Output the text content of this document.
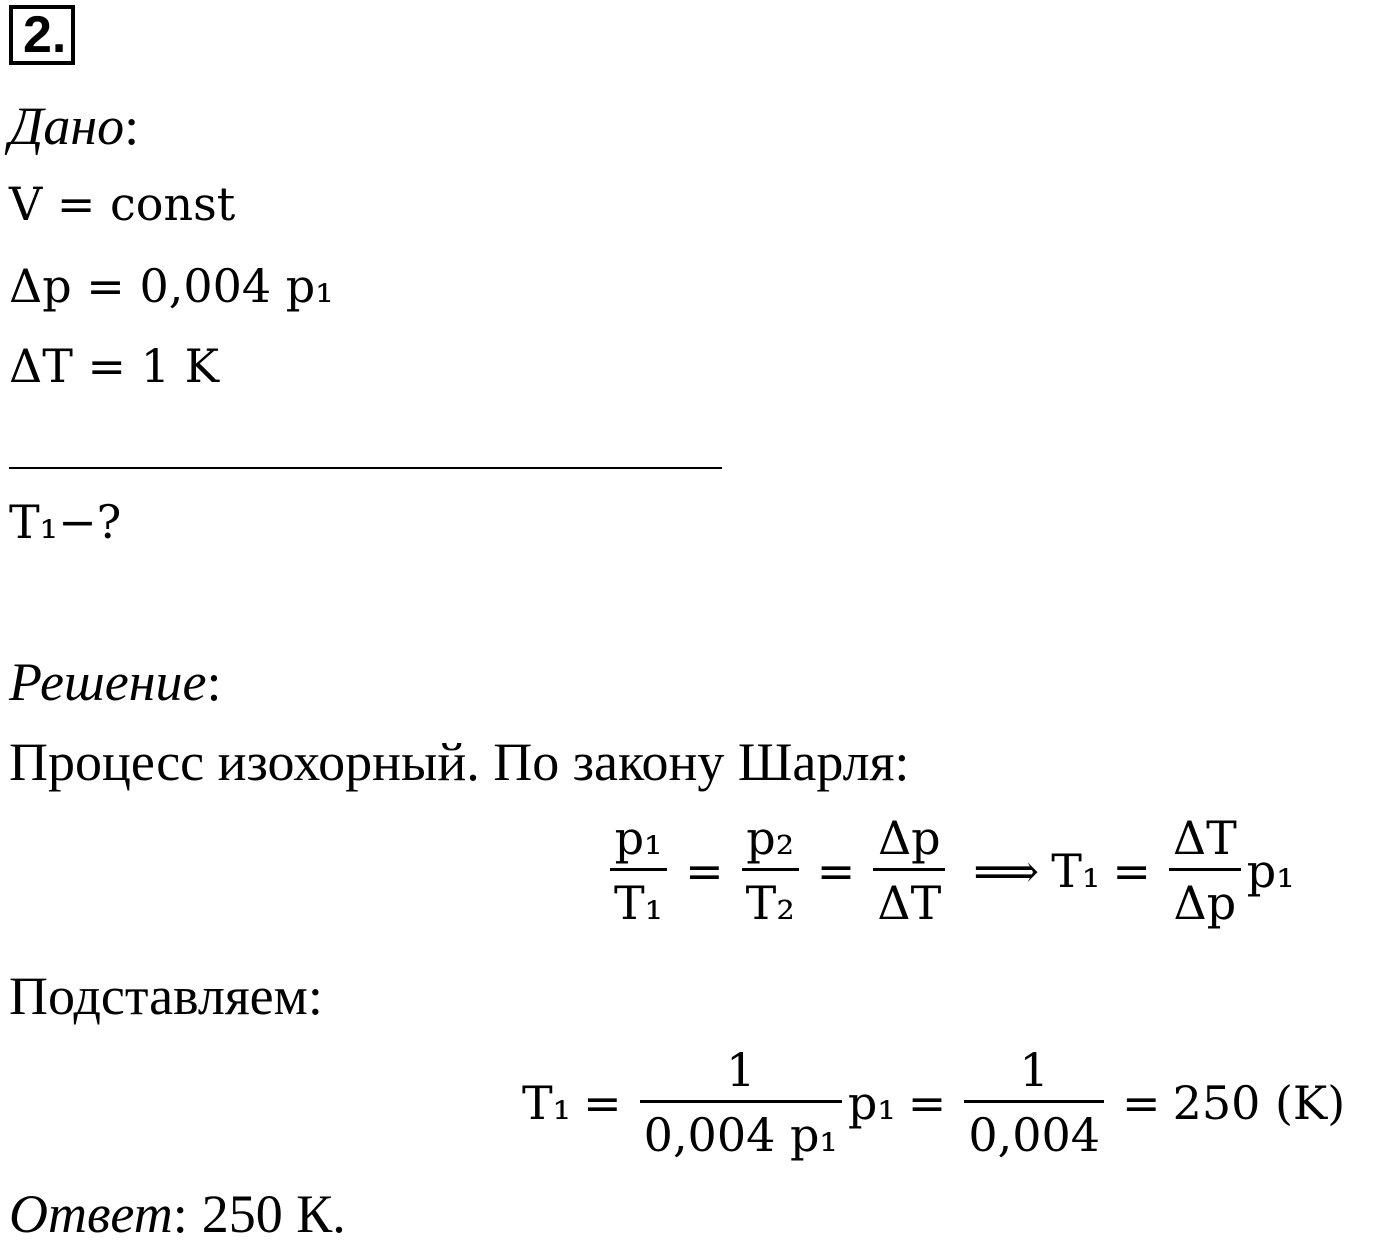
2.
Дано:
V = const
Δp = 0,004 p₁
ΔT = 1 K
T₁−?
Решение:
Процесс изохорный. По закону Шарля:
$\frac{\text{p₁}}{\text{T₁}} = \frac{\text{p₂}}{\text{T₂}} = \frac{\Delta p}{\Delta T}$ ⟹ $T_1 = \frac{\Delta T}{\Delta p} p_1$
Подставляем:
$T_1 = \frac{1}{\text{0,004 p₁}} p_1 = \frac{1}{0,004} = 250$ (K)
Ответ: 250 К.
